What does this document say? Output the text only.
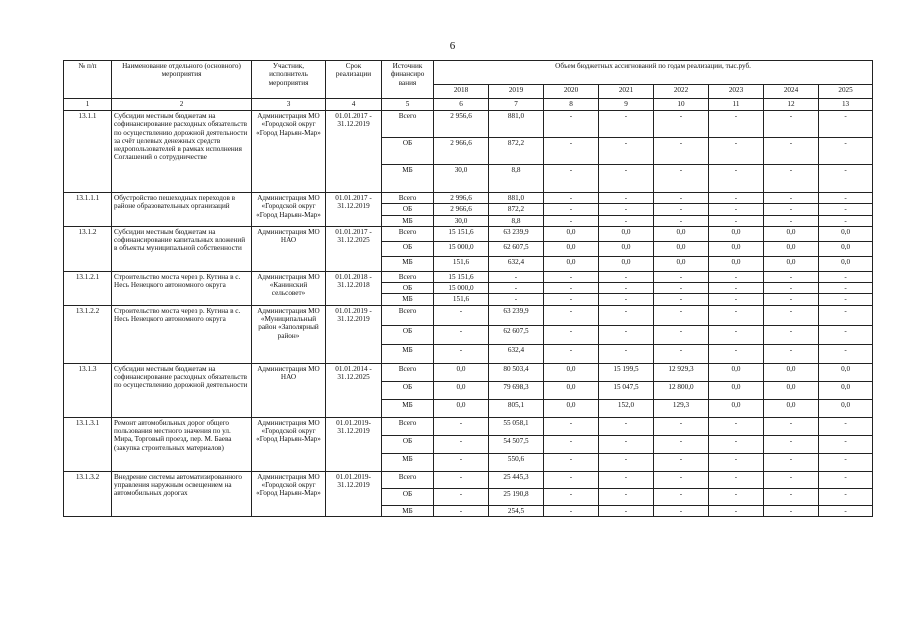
6
№ п/п	Наименование отдельного (основного) мероприятия	Участник, исполнитель мероприятия	Срок реализации	Источник финансиро вания	Объем бюджетных ассигнований по годам реализации, тыс.руб.							
					2018	2019	2020	2021	2022	2023	2024	2025
1	2	3	4	5	6	7	8	9	10	11	12	13
13.1.1	Субсидии местным бюджетам на софинансирование расходных обязательств по осуществлению дорожной деятельности за счёт целевых денежных средств недропользователей в рамках исполнения Соглашений о сотрудничестве	Администрация МО «Городской округ «Город Нарьян-Мар»	01.01.2017 - 31.12.2019	Всего	2 956,6	881,0	-	-	-	-	-	-
				ОБ	2 966,6	872,2	-	-	-	-	-	-
				МБ	30,0	8,8	-	-	-	-	-	-
13.1.1.1	Обустройство пешеходных переходов в районе образовательных организаций	Администрация МО «Городской округ «Город Нарьян-Мар»	01.01.2017 - 31.12.2019	Всего	2 996,6	881,0	-	-	-	-	-	-
				ОБ	2 966,6	872,2	-	-	-	-	-	-
				МБ	30,0	8,8	-	-	-	-	-	-
13.1.2	Субсидии местным бюджетам на софинансирование капитальных вложений в объекты муниципальной собственности	Администрация МО НАО	01.01.2017 - 31.12.2025	Всего	15 151,6	63 239,9	0,0	0,0	0,0	0,0	0,0	0,0
				ОБ	15 000,0	62 607,5	0,0	0,0	0,0	0,0	0,0	0,0
				МБ	151,6	632,4	0,0	0,0	0,0	0,0	0,0	0,0
13.1.2.1	Строительство моста через р. Кутина в с. Несь Ненецкого автономного округа	Администрация МО «Канинский сельсовет»	01.01.2018 - 31.12.2018	Всего	15 151,6	-	-	-	-	-	-	-
				ОБ	15 000,0	-	-	-	-	-	-	-
				МБ	151,6	-	-	-	-	-	-	-
13.1.2.2	Строительство моста через р. Кутина в с. Несь Ненецкого автономного округа	Администрация МО «Муниципальный район «Заполярный район»	01.01.2019 - 31.12.2019	Всего	-	63 239,9	-	-	-	-	-	-
				ОБ	-	62 607,5	-	-	-	-	-	-
				МБ	-	632,4	-	-	-	-	-	-
13.1.3	Субсидии местным бюджетам на софинансирование расходных обязательств по осуществлению дорожной деятельности	Администрация МО НАО	01.01.2014 - 31.12.2025	Всего	0,0	80 503,4	0,0	15 199,5	12 929,3	0,0	0,0	0,0
				ОБ	0,0	79 698,3	0,0	15 047,5	12 800,0	0,0	0,0	0,0
				МБ	0,0	805,1	0,0	152,0	129,3	0,0	0,0	0,0
13.1.3.1	Ремонт автомобильных дорог общего пользования местного значения по ул. Мира, Торговый проезд, пер. М. Баева (закупка строительных материалов)	Администрация МО «Городской округ «Город Нарьян-Мар»	01.01.2019- 31.12.2019	Всего	-	55 058,1	-	-	-	-	-	-
				ОБ	-	54 507,5	-	-	-	-	-	-
				МБ	-	550,6	-	-	-	-	-	-
13.1.3.2	Внедрение системы автоматизированного управления наружным освещением на автомобильных дорогах	Администрация МО «Городской округ «Город Нарьян-Мар»	01.01.2019- 31.12.2019	Всего	-	25 445,3	-	-	-	-	-	-
				ОБ	-	25 190,8	-	-	-	-	-	-
				МБ	-	254,5	-	-	-	-	-	-
